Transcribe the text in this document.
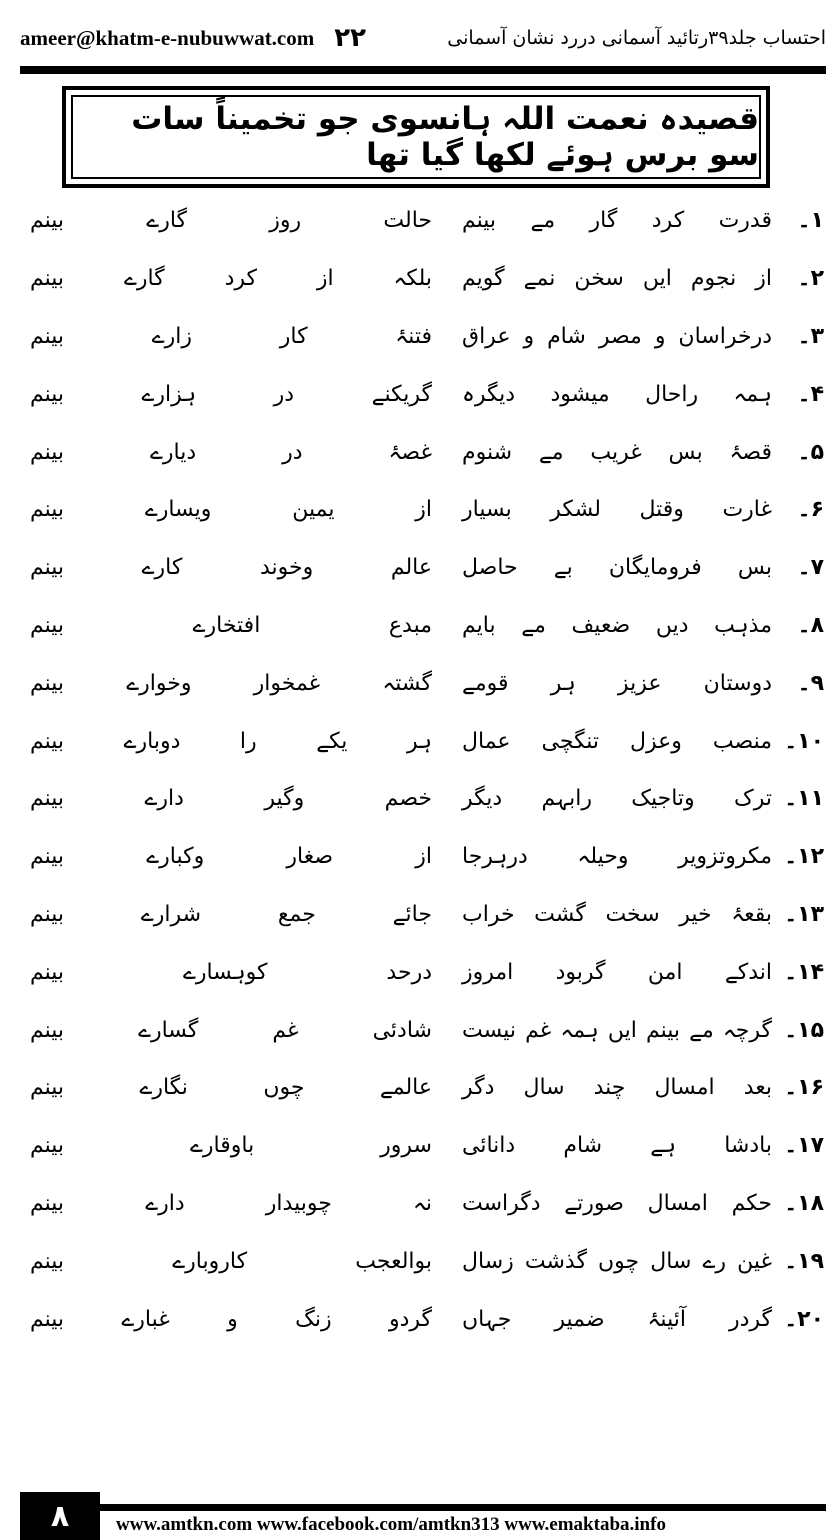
ameer@khatm-e-nubuwwat.com ۲۲	احتساب جلد۳۹رتائید آسمانی دررد نشان آسمانی
قصیدہ نعمت اللہ ہانسوی جو تخمیناً سات سو برس ہوئے لکھا گیا تھا
۱۔
قدرت کرد گار مے بینم
حالت روز گارے بینم
۲۔
از نجوم ایں سخن نمے گویم
بلکہ از کرد گارے بینم
۳۔
درخراسان و مصر شام و عراق
فتنۂ کار زارے بینم
۴۔
ہمہ راحال میشود دیگرہ
گریکنے در ہزارے بینم
۵۔
قصۂ بس غریب مے شنوم
غصۂ در دیارے بینم
۶۔
غارت وقتل لشکر بسیار
از یمین ویسارے بینم
۷۔
بس فرومایگان بے حاصل
عالم وخوند کارے بینم
۸۔
مذہب دیں ضعیف مے بایم
مبدع افتخارے بینم
۹۔
دوستان عزیز ہر قومے
گشتہ غمخوار وخوارے بینم
۱۰۔
منصب وعزل تنگچی عمال
ہر یکے را دوبارے بینم
۱۱۔
ترک وتاجیک رابہم دیگر
خصم وگیر دارے بینم
۱۲۔
مکروتزویر وحیلہ درہرجا
از صغار وکبارے بینم
۱۳۔
بقعۂ خیر سخت گشت خراب
جائے جمع شرارے بینم
۱۴۔
اندکے امن گربود امروز
درحد کوہسارے بینم
۱۵۔
گرچہ مے بینم ایں ہمہ غم نیست
شادئی غم گسارے بینم
۱۶۔
بعد امسال چند سال دگر
عالمے چوں نگارے بینم
۱۷۔
بادشا ہے شام دانائی
سرور باوقارے بینم
۱۸۔
حکم امسال صورتے دگراست
نہ چوبیدار دارے بینم
۱۹۔
غین رے سال چوں گذشت زسال
بوالعجب کاروبارے بینم
۲۰۔
گردر آئینۂ ضمیر جہاں
گردو زنگ و غبارے بینم
۸	www.amtkn.com www.facebook.com/amtkn313 www.emaktaba.info
